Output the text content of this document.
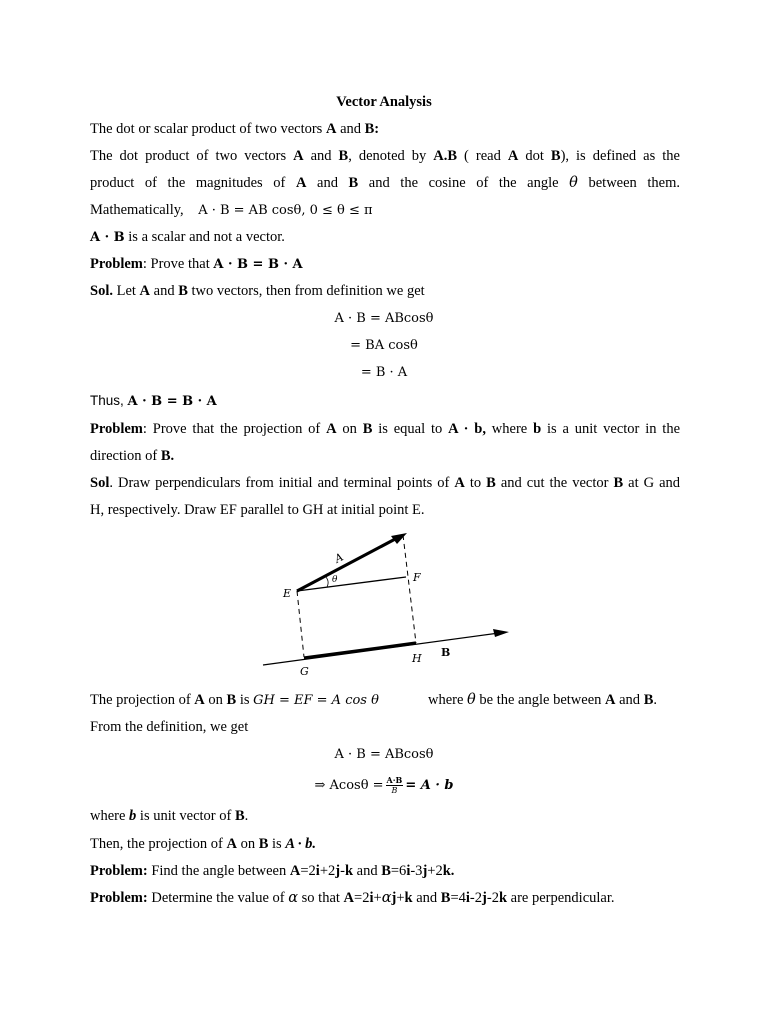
Vector Analysis
The dot or scalar product of two vectors A and B:
The dot product of two vectors A and B, denoted by A.B ( read A dot B), is defined as the
product of the magnitudes of A and B and the cosine of the angle θ between them.
Mathematically, A · B = AB cosθ, 0 ≤ θ ≤ π
A · B is a scalar and not a vector.
Problem: Prove that A · B = B · A
Sol. Let A and B two vectors, then from definition we get
A · B = ABcosθ
= BA cosθ
= B · A
Thus, A · B = B · A
Problem: Prove that the projection of A on B is equal to A · b, where b is a unit vector in the
direction of B.
Sol. Draw perpendiculars from initial and terminal points of A to B and cut the vector B at G and
H, respectively. Draw EF parallel to GH at initial point E.
A
θ	F
E
G
H B
The projection of A on B is GH = EF = A cos θ	where θ be the angle between A and B.
From the definition, we get
A · B = ABcosθ
⇒ $Acos\theta = \frac{A\cdot B}{B} = A \cdot b$
where b is unit vector of B.
Then, the projection of A on B is A · b.
Problem: Find the angle between A=2i+2j-k and B=6i-3j+2k.
Problem: Determine the value of α so that A=2i+αj+k and B=4i-2j-2k are perpendicular.
